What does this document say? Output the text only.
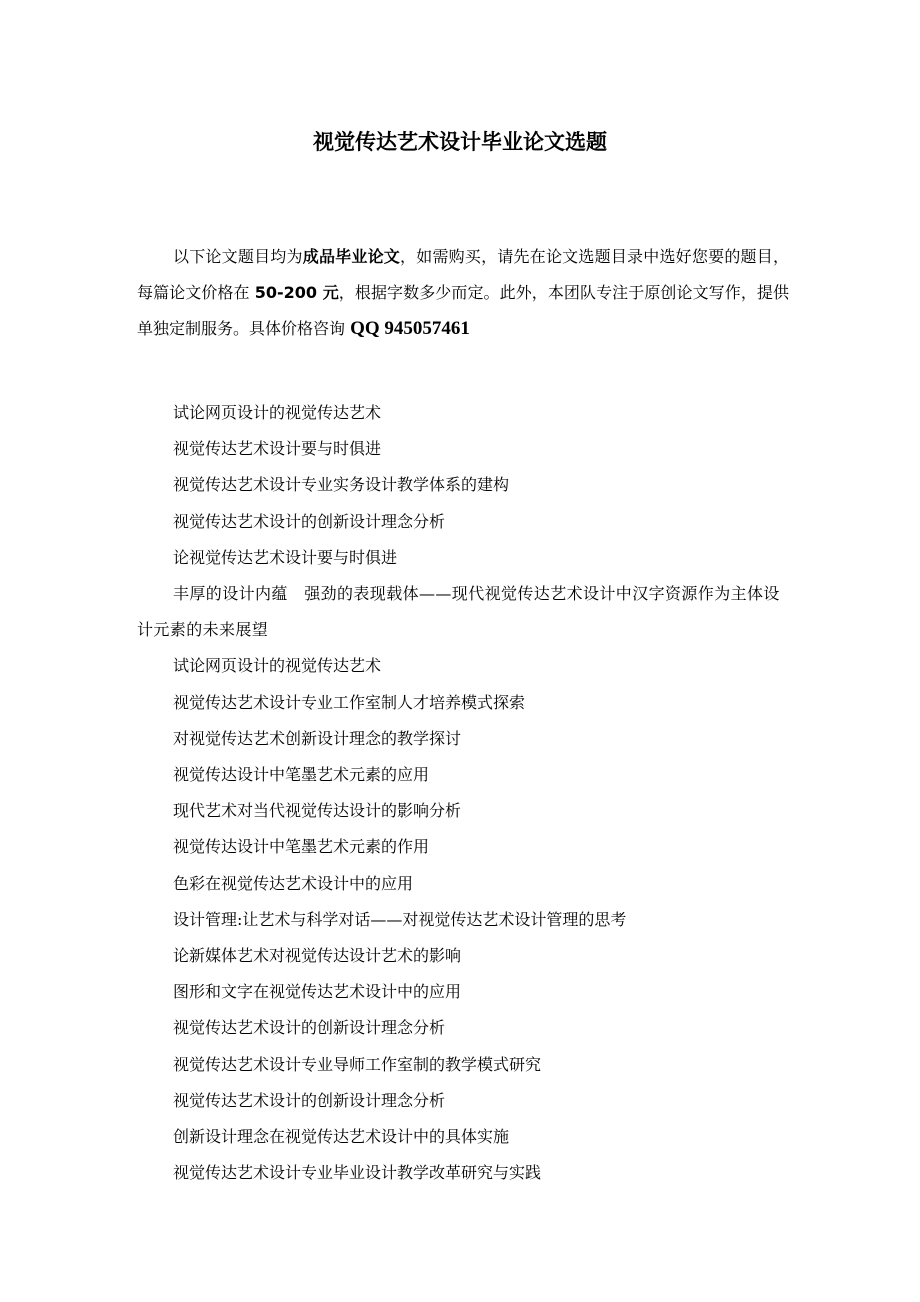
视觉传达艺术设计毕业论文选题

以下论文题目均为成品毕业论文，如需购买，请先在论文选题目录中选好您要的题目，每篇论文价格在 50-200 元，根据字数多少而定。此外，本团队专注于原创论文写作，提供单独定制服务。具体价格咨询 QQ 945057461

试论网页设计的视觉传达艺术
视觉传达艺术设计要与时俱进
视觉传达艺术设计专业实务设计教学体系的建构
视觉传达艺术设计的创新设计理念分析
论视觉传达艺术设计要与时俱进
丰厚的设计内蕴　强劲的表现载体——现代视觉传达艺术设计中汉字资源作为主体设计元素的未来展望
试论网页设计的视觉传达艺术
视觉传达艺术设计专业工作室制人才培养模式探索
对视觉传达艺术创新设计理念的教学探讨
视觉传达设计中笔墨艺术元素的应用
现代艺术对当代视觉传达设计的影响分析
视觉传达设计中笔墨艺术元素的作用
色彩在视觉传达艺术设计中的应用
设计管理:让艺术与科学对话——对视觉传达艺术设计管理的思考
论新媒体艺术对视觉传达设计艺术的影响
图形和文字在视觉传达艺术设计中的应用
视觉传达艺术设计的创新设计理念分析
视觉传达艺术设计专业导师工作室制的教学模式研究
视觉传达艺术设计的创新设计理念分析
创新设计理念在视觉传达艺术设计中的具体实施
视觉传达艺术设计专业毕业设计教学改革研究与实践
